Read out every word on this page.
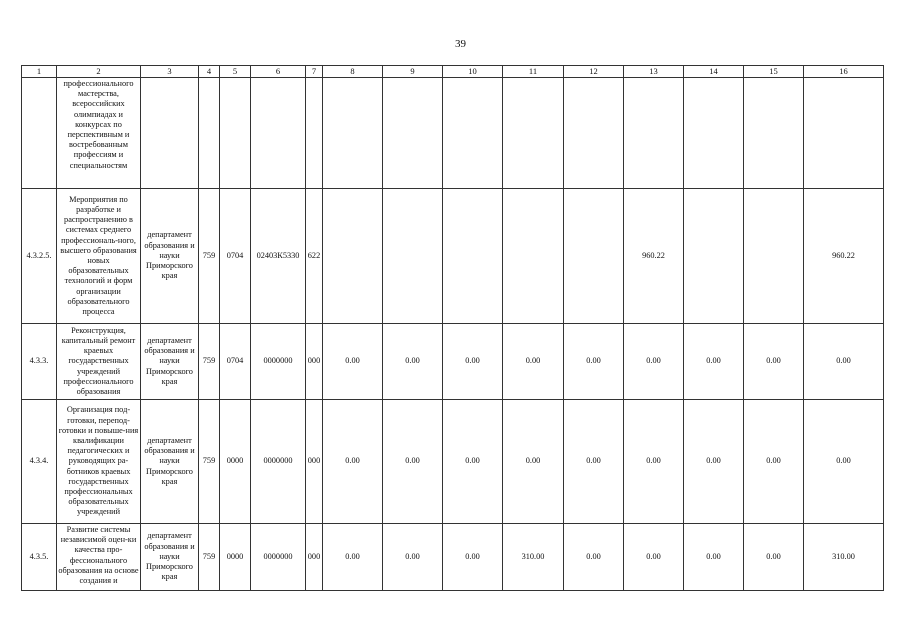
39
1	2	3	4	5	6	7	8	9	10	11	12	13	14	15	16

	профессионального мастерства, всероссийских олимпиадах и конкурсах по перспективным и востребованным профессиям и специальностям														

4.3.2.5.	Мероприятия по разработке и распространению в системах среднего профессиональ-ного, высшего образования новых образовательных технологий и форм организации образовательного процесса	департамент образования и науки Приморского края	759	0704	02403К5330	622						960.22			960.22
4.3.3.	Реконструкция, капитальный ремонт краевых государственных учреждений профессионального образования	департамент образования и науки Приморского края	759	0704	0000000	000	0.00	0.00	0.00	0.00	0.00	0.00	0.00	0.00	0.00
4.3.4.	Организация под-готовки, перепод-готовки и повыше-ния квалификации педагогических и руководящих ра-ботников краевых государственных профессиональных образовательных учреждений	департамент образования и науки Приморского края	759	0000	0000000	000	0.00	0.00	0.00	0.00	0.00	0.00	0.00	0.00	0.00
4.3.5.	Развитие системы независимой оцен-ки качества про-фессионального образования на основе создания и	департамент образования и науки Приморского края	759	0000	0000000	000	0.00	0.00	0.00	310.00	0.00	0.00	0.00	0.00	310.00
